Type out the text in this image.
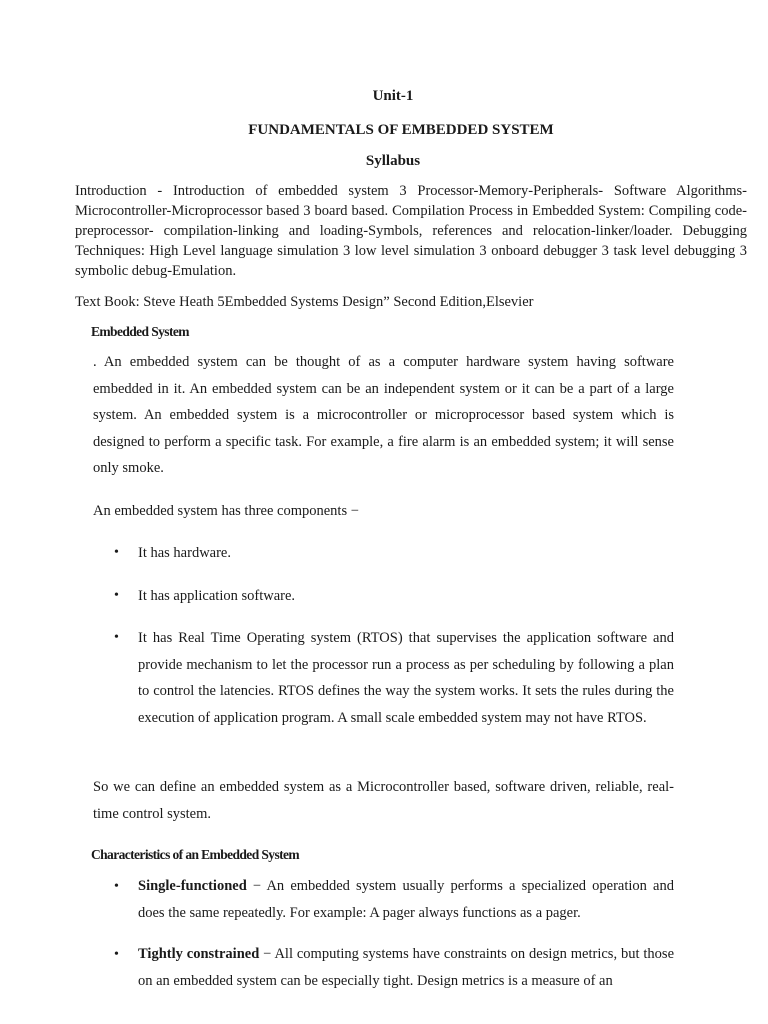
Unit-1
FUNDAMENTALS OF EMBEDDED SYSTEM
Syllabus
Introduction - Introduction of embedded system 3 Processor-Memory-Peripherals- Software Algorithms- Microcontroller-Microprocessor based 3 board based. Compilation Process in Embedded System: Compiling code-preprocessor- compilation-linking and loading-Symbols, references and relocation-linker/loader. Debugging Techniques: High Level language simulation 3 low level simulation 3 onboard debugger 3 task level debugging 3 symbolic debug-Emulation.
Text Book: Steve Heath 5Embedded Systems Design” Second Edition,Elsevier
Embedded System
. An embedded system can be thought of as a computer hardware system having software embedded in it. An embedded system can be an independent system or it can be a part of a large system. An embedded system is a microcontroller or microprocessor based system which is designed to perform a specific task. For example, a fire alarm is an embedded system; it will sense only smoke.
An embedded system has three components −
• It has hardware.
• It has application software.
• It has Real Time Operating system (RTOS) that supervises the application software and provide mechanism to let the processor run a process as per scheduling by following a plan to control the latencies. RTOS defines the way the system works. It sets the rules during the execution of application program. A small scale embedded system may not have RTOS.
So we can define an embedded system as a Microcontroller based, software driven, reliable, real-time control system.
Characteristics of an Embedded System
• Single-functioned − An embedded system usually performs a specialized operation and does the same repeatedly. For example: A pager always functions as a pager.
• Tightly constrained − All computing systems have constraints on design metrics, but those on an embedded system can be especially tight. Design metrics is a measure of an
